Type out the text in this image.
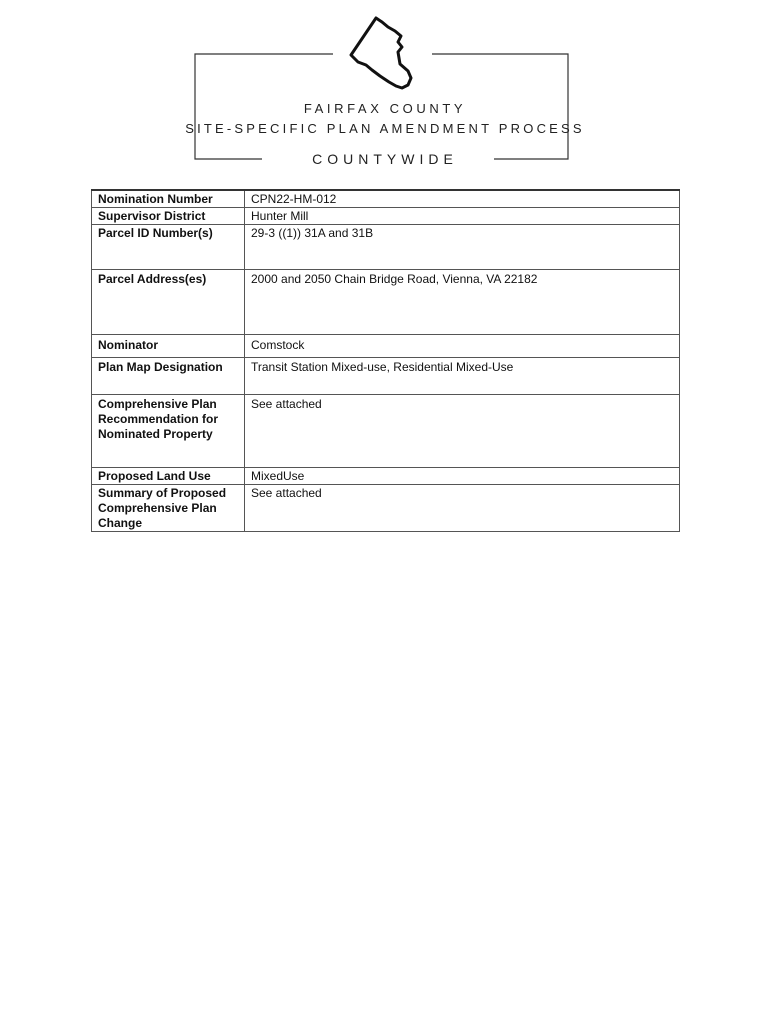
FAIRFAX COUNTY
SITE-SPECIFIC PLAN AMENDMENT PROCESS
COUNTYWIDE
Nomination Number	CPN22-HM-012
Supervisor District	Hunter Mill
Parcel ID Number(s)	29-3 ((1)) 31A and 31B
Parcel Address(es)	2000 and 2050 Chain Bridge Road, Vienna, VA 22182
Nominator	Comstock
Plan Map Designation	Transit Station Mixed-use, Residential Mixed-Use
Comprehensive Plan Recommendation for Nominated Property	See attached
Proposed Land Use	MixedUse
Summary of Proposed Comprehensive Plan Change	See attached
